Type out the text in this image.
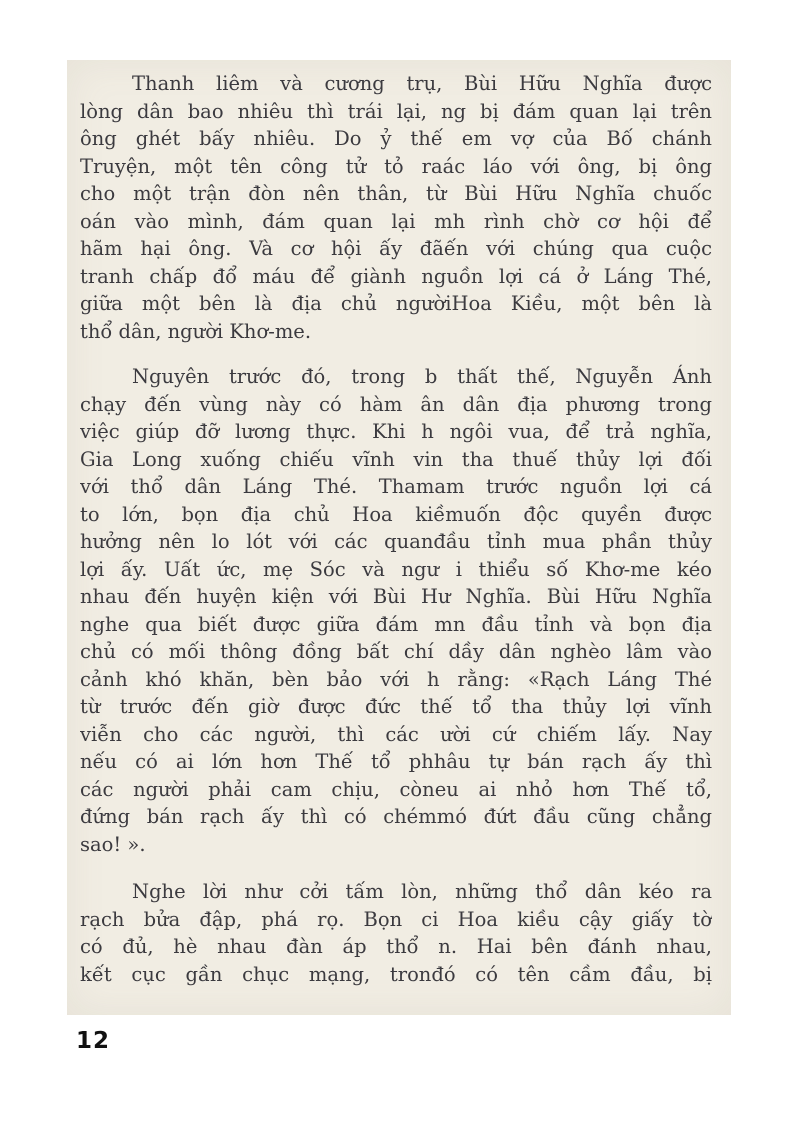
Thanh liêm và cương trụ, Bùi Hữu Nghĩa được
lòng dân bao nhiêu thì trái lại, ng bị đám quan lại trên
ông ghét bấy nhiêu. Do ỷ thế em vợ của Bố chánh
Truyện, một tên công tử tỏ raác láo với ông, bị ông
cho một trận đòn nên thân, từ Bùi Hữu Nghĩa chuốc
oán vào mình, đám quan lại mh rình chờ cơ hội để
hãm hại ông. Và cơ hội ấy đãến với chúng qua cuộc
tranh chấp đổ máu để giành nguồn lợi cá ở Láng Thé,
giữa một bên là địa chủ ngườiHoa Kiều, một bên là
thổ dân, người Khơ-me.
Nguyên trước đó, trong b thất thế, Nguyễn Ánh
chạy đến vùng này có hàm ân dân địa phương trong
việc giúp đỡ lương thực. Khi h ngôi vua, để trả nghĩa,
Gia Long xuống chiếu vĩnh vin tha thuế thủy lợi đối
với thổ dân Láng Thé. Thamam trước nguồn lợi cá
to lớn, bọn địa chủ Hoa kiềmuốn độc quyền được
hưởng nên lo lót với các quanđầu tỉnh mua phần thủy
lợi ấy. Uất ức, mẹ Sóc và ngư i thiểu số Khơ-me kéo
nhau đến huyện kiện với Bùi Hư Nghĩa. Bùi Hữu Nghĩa
nghe qua biết được giữa đám mn đầu tỉnh và bọn địa
chủ có mối thông đồng bất chí dầy dân nghèo lâm vào
cảnh khó khăn, bèn bảo với h rằng: «Rạch Láng Thé
từ trước đến giờ được đức thế tổ tha thủy lợi vĩnh
viễn cho các người, thì các ười cứ chiếm lấy. Nay
nếu có ai lớn hơn Thế tổ phhâu tự bán rạch ấy thì
các người phải cam chịu, còneu ai nhỏ hơn Thế tổ,
đứng bán rạch ấy thì có chémmó đứt đầu cũng chẳng
sao! ».
Nghe lời như cởi tấm lòn, những thổ dân kéo ra
rạch bửa đập, phá rọ. Bọn ci Hoa kiều cậy giấy tờ
có đủ, hè nhau đàn áp thổ n. Hai bên đánh nhau,
kết cục gần chục mạng, tronđó có tên cầm đầu, bị
12
